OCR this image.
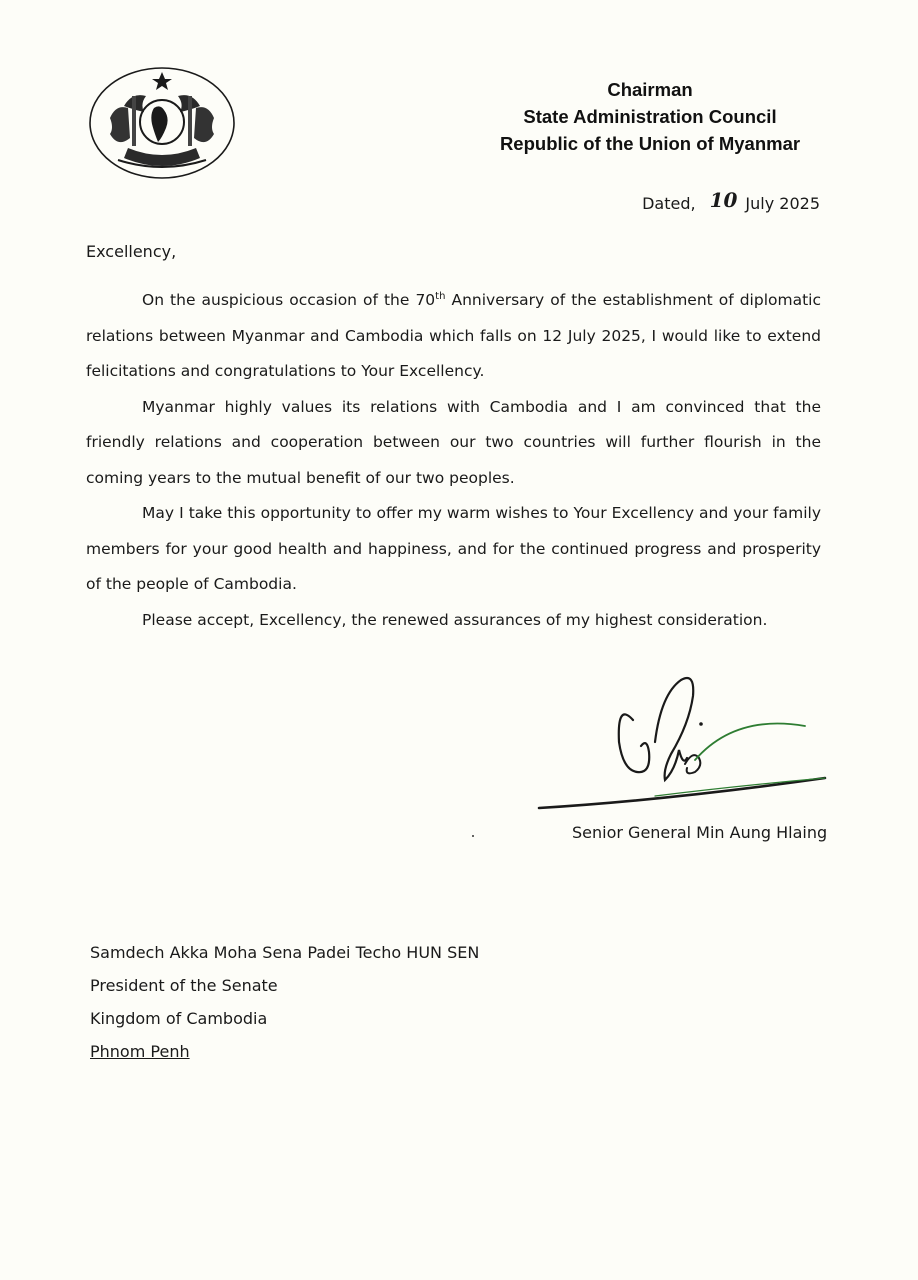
Chairman
State Administration Council
Republic of the Union of Myanmar
Dated, 10 July 2025
Excellency,

On the auspicious occasion of the 70th Anniversary of the establishment of diplomatic relations between Myanmar and Cambodia which falls on 12 July 2025, I would like to extend felicitations and congratulations to Your Excellency.

Myanmar highly values its relations with Cambodia and I am convinced that the friendly relations and cooperation between our two countries will further flourish in the coming years to the mutual benefit of our two peoples.

May I take this opportunity to offer my warm wishes to Your Excellency and your family members for your good health and happiness, and for the continued progress and prosperity of the people of Cambodia.

Please accept, Excellency, the renewed assurances of my highest consideration.

Senior General Min Aung Hlaing
Samdech Akka Moha Sena Padei Techo HUN SEN
President of the Senate
Kingdom of Cambodia
Phnom Penh
